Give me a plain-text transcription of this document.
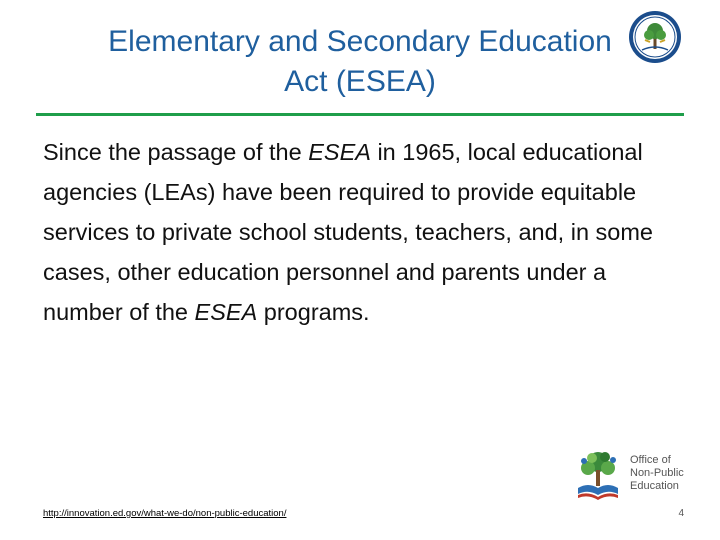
Elementary and Secondary Education
Act (ESEA)

Since the passage of the ESEA in 1965, local educational agencies (LEAs) have been required to provide equitable services to private school students, teachers, and, in some cases, other education personnel and parents under a number of the ESEA programs.

Office of
Non-Public
Education
http://innovation.ed.gov/what-we-do/non-public-education/	4
